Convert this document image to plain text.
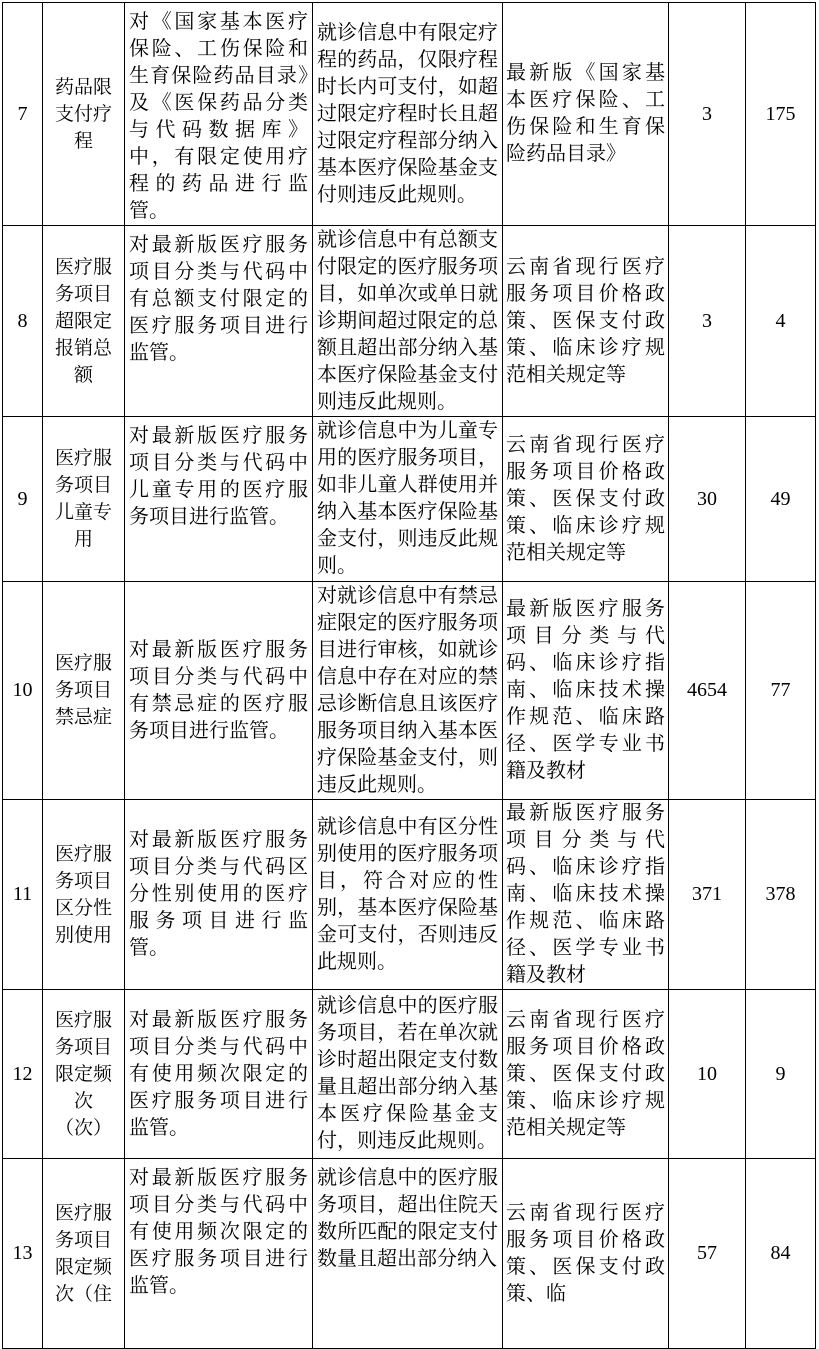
7	药品限支付疗程	对《国家基本医疗保险、工伤保险和生育保险药品目录》及《医保药品分类与代码数据库》中，有限定使用疗程的药品进行监管。	就诊信息中有限定疗程的药品，仅限疗程时长内可支付，如超过限定疗程时长且超过限定疗程部分纳入基本医疗保险基金支付则违反此规则。	最新版《国家基本医疗保险、工伤保险和生育保险药品目录》	3	175
8	医疗服务项目超限定报销总额	对最新版医疗服务项目分类与代码中有总额支付限定的医疗服务项目进行监管。	就诊信息中有总额支付限定的医疗服务项目，如单次或单日就诊期间超过限定的总额且超出部分纳入基本医疗保险基金支付则违反此规则。	云南省现行医疗服务项目价格政策、医保支付政策、临床诊疗规范相关规定等	3	4
9	医疗服务项目儿童专用	对最新版医疗服务项目分类与代码中儿童专用的医疗服务项目进行监管。	就诊信息中为儿童专用的医疗服务项目，如非儿童人群使用并纳入基本医疗保险基金支付，则违反此规则。	云南省现行医疗服务项目价格政策、医保支付政策、临床诊疗规范相关规定等	30	49
10	医疗服务项目禁忌症	对最新版医疗服务项目分类与代码中有禁忌症的医疗服务项目进行监管。	对就诊信息中有禁忌症限定的医疗服务项目进行审核，如就诊信息中存在对应的禁忌诊断信息且该医疗服务项目纳入基本医疗保险基金支付，则违反此规则。	最新版医疗服务项目分类与代码、临床诊疗指南、临床技术操作规范、临床路径、医学专业书籍及教材	4654	77
11	医疗服务项目区分性别使用	对最新版医疗服务项目分类与代码区分性别使用的医疗服务项目进行监管。	就诊信息中有区分性别使用的医疗服务项目，符合对应的性别，基本医疗保险基金可支付，否则违反此规则。	最新版医疗服务项目分类与代码、临床诊疗指南、临床技术操作规范、临床路径、医学专业书籍及教材	371	378
12	医疗服务项目限定频次（次）	对最新版医疗服务项目分类与代码中有使用频次限定的医疗服务项目进行监管。	就诊信息中的医疗服务项目，若在单次就诊时超出限定支付数量且超出部分纳入基本医疗保险基金支付，则违反此规则。	云南省现行医疗服务项目价格政策、医保支付政策、临床诊疗规范相关规定等	10	9
13	医疗服务项目限定频次（住	对最新版医疗服务项目分类与代码中有使用频次限定的医疗服务项目进行监管。	就诊信息中的医疗服务项目，超出住院天数所匹配的限定支付数量且超出部分纳入	云南省现行医疗服务项目价格政策、医保支付政策、临	57	84
